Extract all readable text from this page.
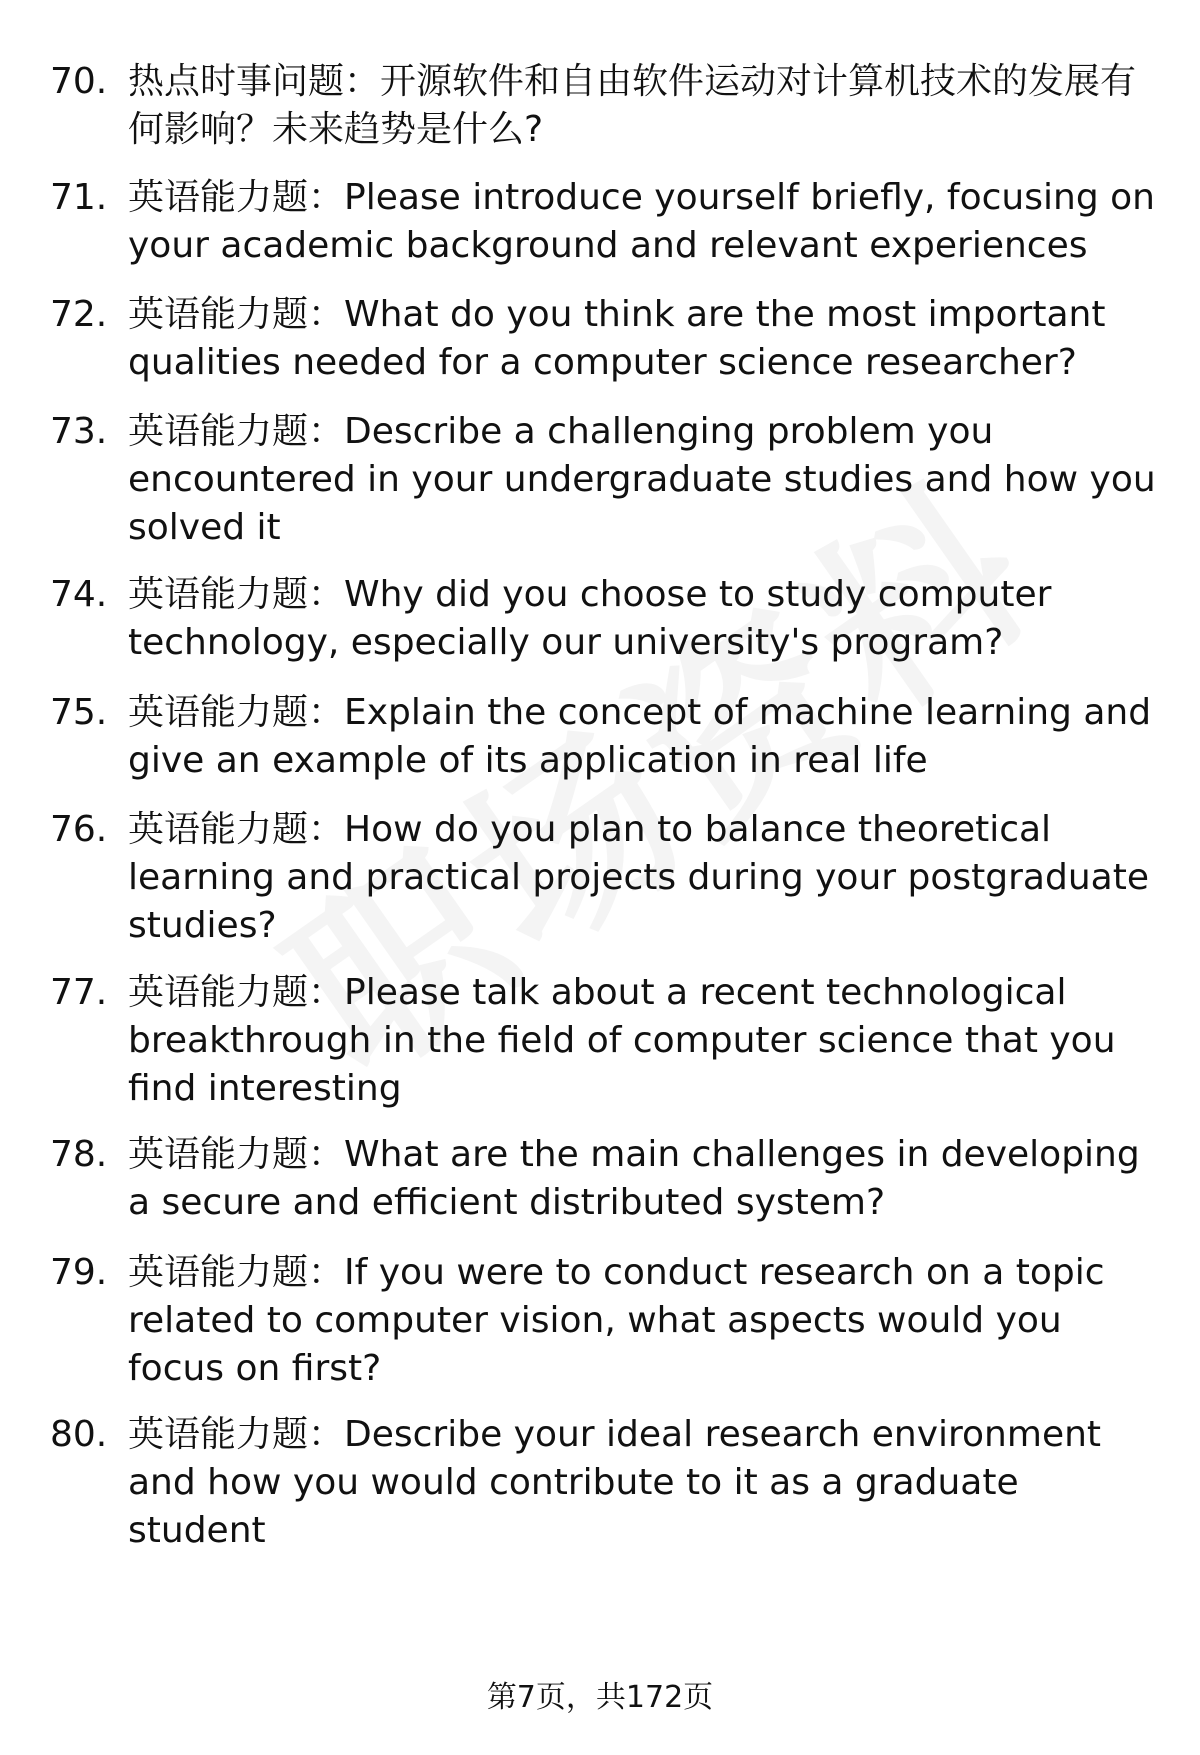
70. 热点时事问题：开源软件和自由软件运动对计算机技术的发展有何影响？未来趋势是什么?
71. 英语能力题：Please introduce yourself briefly, focusing on your academic background and relevant experiences
72. 英语能力题：What do you think are the most important qualities needed for a computer science researcher?
73. 英语能力题：Describe a challenging problem you encountered in your undergraduate studies and how you solved it
74. 英语能力题：Why did you choose to study computer technology, especially our university's program?
75. 英语能力题：Explain the concept of machine learning and give an example of its application in real life
76. 英语能力题：How do you plan to balance theoretical learning and practical projects during your postgraduate studies?
77. 英语能力题：Please talk about a recent technological breakthrough in the field of computer science that you find interesting
78. 英语能力题：What are the main challenges in developing a secure and efficient distributed system?
79. 英语能力题：If you were to conduct research on a topic related to computer vision, what aspects would you focus on first?
80. 英语能力题：Describe your ideal research environment and how you would contribute to it as a graduate student
第7页，共172页
